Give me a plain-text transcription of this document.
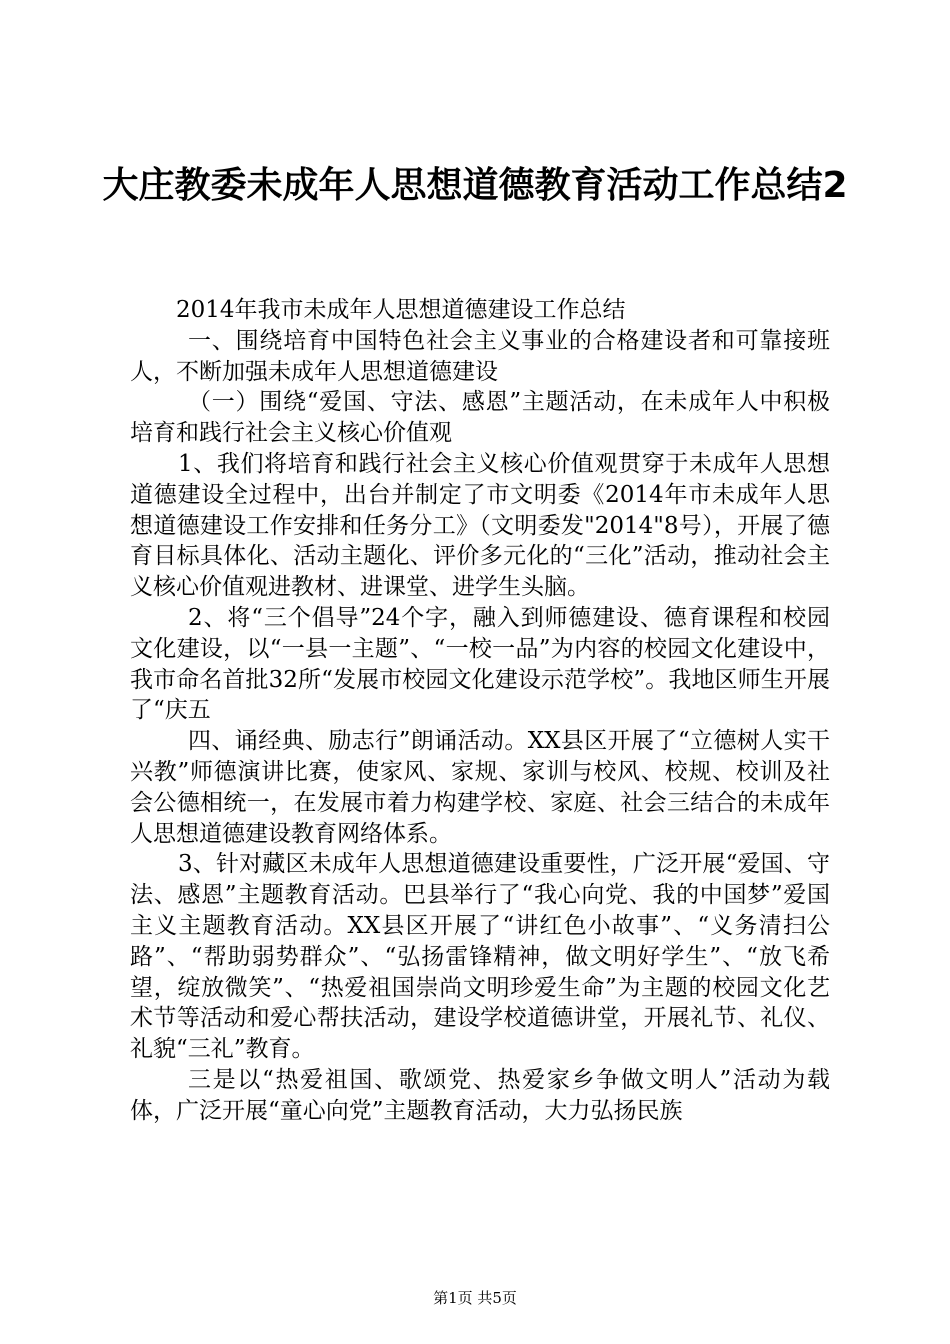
大庄教委未成年人思想道德教育活动工作总结2

2014年我市未成年人思想道德建设工作总结

一、围绕培育中国特色社会主义事业的合格建设者和可靠接班人，不断加强未成年人思想道德建设

（一）围绕“爱国、守法、感恩”主题活动，在未成年人中积极培育和践行社会主义核心价值观

1、我们将培育和践行社会主义核心价值观贯穿于未成年人思想道德建设全过程中，出台并制定了市文明委《2014年市未成年人思想道德建设工作安排和任务分工》（文明委发"2014"8号），开展了德育目标具体化、活动主题化、评价多元化的“三化”活动，推动社会主义核心价值观进教材、进课堂、进学生头脑。

2、将“三个倡导”24个字，融入到师德建设、德育课程和校园文化建设，以“一县一主题”、“一校一品”为内容的校园文化建设中，我市命名首批32所“发展市校园文化建设示范学校”。我地区师生开展了“庆五

四、诵经典、励志行”朗诵活动。XX县区开展了“立德树人实干兴教”师德演讲比赛，使家风、家规、家训与校风、校规、校训及社会公德相统一，在发展市着力构建学校、家庭、社会三结合的未成年人思想道德建设教育网络体系。

3、针对藏区未成年人思想道德建设重要性，广泛开展“爱国、守法、感恩”主题教育活动。巴县举行了“我心向党、我的中国梦”爱国主义主题教育活动。XX县区开展了“讲红色小故事”、“义务清扫公路”、“帮助弱势群众”、“弘扬雷锋精神，做文明好学生”、“放飞希望，绽放微笑”、“热爱祖国崇尚文明珍爱生命”为主题的校园文化艺术节等活动和爱心帮扶活动，建设学校道德讲堂，开展礼节、礼仪、礼貌“三礼”教育。

三是以“热爱祖国、歌颂党、热爱家乡争做文明人”活动为载体，广泛开展“童心向党”主题教育活动，大力弘扬民族

第1页 共5页
